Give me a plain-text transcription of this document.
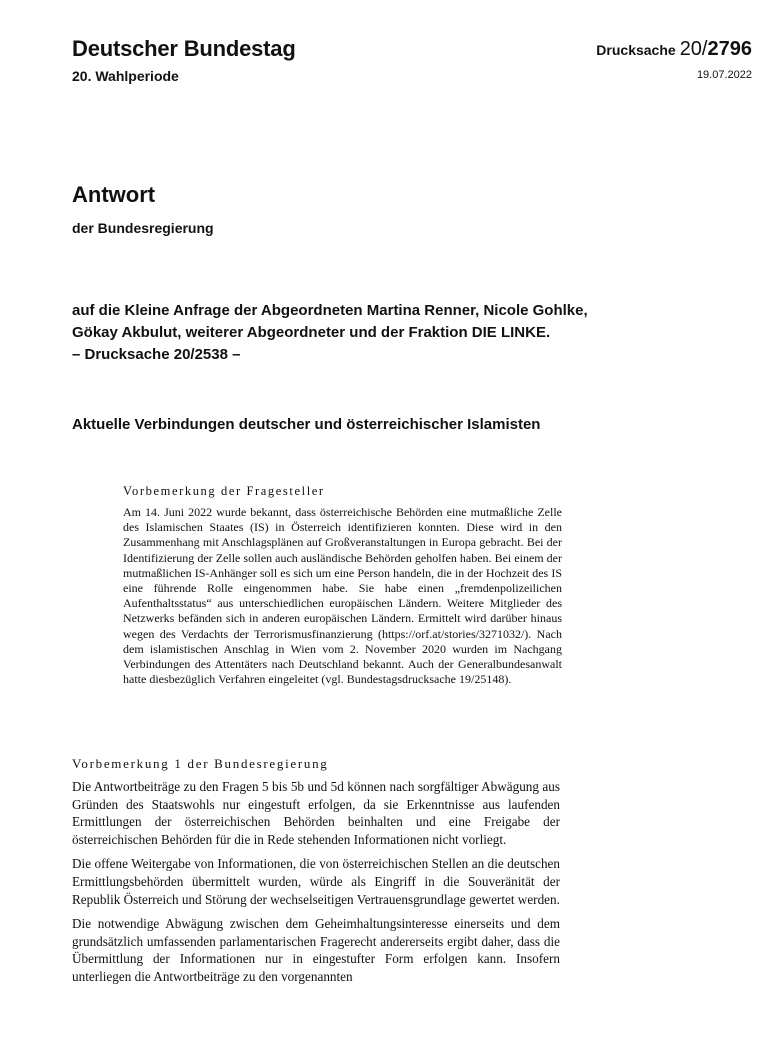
Deutscher Bundestag
20. Wahlperiode
Drucksache 20/2796
19.07.2022
Antwort
der Bundesregierung
auf die Kleine Anfrage der Abgeordneten Martina Renner, Nicole Gohlke,
Gökay Akbulut, weiterer Abgeordneter und der Fraktion DIE LINKE.
– Drucksache 20/2538 –
Aktuelle Verbindungen deutscher und österreichischer Islamisten
Vorbemerkung der Fragesteller
Am 14. Juni 2022 wurde bekannt, dass österreichische Behörden eine mutmaßliche Zelle des Islamischen Staates (IS) in Österreich identifizieren konnten. Diese wird in den Zusammenhang mit Anschlagsplänen auf Großveranstaltungen in Europa gebracht. Bei der Identifizierung der Zelle sollen auch ausländische Behörden geholfen haben. Bei einem der mutmaßlichen IS-Anhänger soll es sich um eine Person handeln, die in der Hochzeit des IS eine führende Rolle eingenommen habe. Sie habe einen „fremdenpolizeilichen Aufenthaltsstatus“ aus unterschiedlichen europäischen Ländern. Weitere Mitglieder des Netzwerks befänden sich in anderen europäischen Ländern. Ermittelt wird darüber hinaus wegen des Verdachts der Terrorismusfinanzierung (https://orf.at/stories/3271032/). Nach dem islamistischen Anschlag in Wien vom 2. November 2020 wurden im Nachgang Verbindungen des Attentäters nach Deutschland bekannt. Auch der Generalbundesanwalt hatte diesbezüglich Verfahren eingeleitet (vgl. Bundestagsdrucksache 19/25148).
Vorbemerkung 1 der Bundesregierung

Die Antwortbeiträge zu den Fragen 5 bis 5b und 5d können nach sorgfältiger Abwägung aus Gründen des Staatswohls nur eingestuft erfolgen, da sie Erkenntnisse aus laufenden Ermittlungen der österreichischen Behörden beinhalten und eine Freigabe der österreichischen Behörden für die in Rede stehenden Informationen nicht vorliegt.

Die offene Weitergabe von Informationen, die von österreichischen Stellen an die deutschen Ermittlungsbehörden übermittelt wurden, würde als Eingriff in die Souveränität der Republik Österreich und Störung der wechselseitigen Vertrauensgrundlage gewertet werden.

Die notwendige Abwägung zwischen dem Geheimhaltungsinteresse einerseits und dem grundsätzlich umfassenden parlamentarischen Fragerecht andererseits ergibt daher, dass die Übermittlung der Informationen nur in eingestufter Form erfolgen kann. Insofern unterliegen die Antwortbeiträge zu den vorgenannten
